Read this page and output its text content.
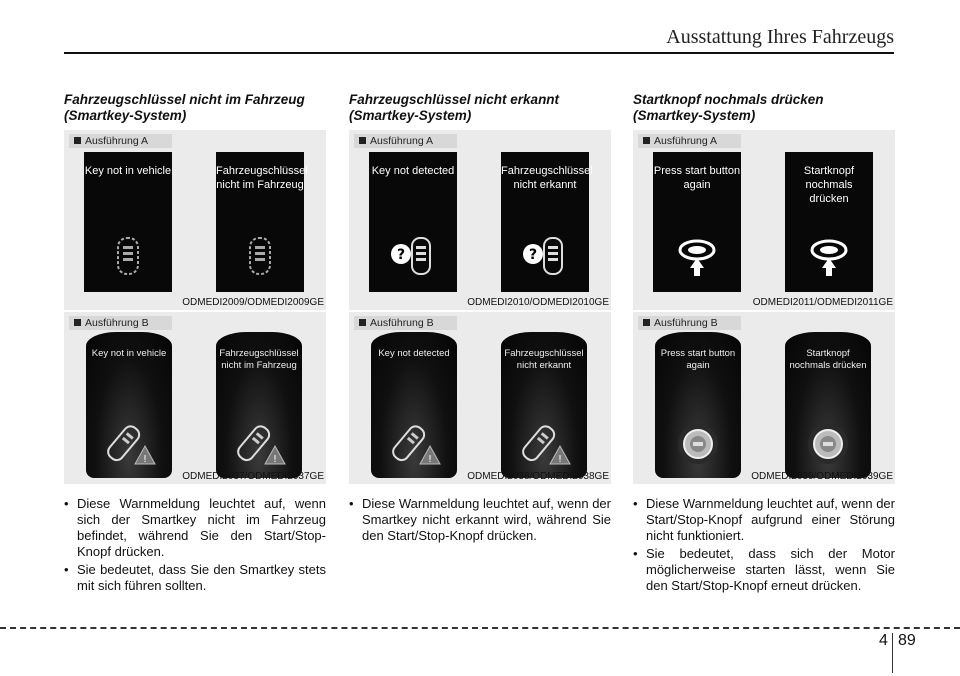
Ausstattung Ihres Fahrzeugs
Fahrzeugschlüssel nicht im Fahrzeug (Smartkey-System)
Ausführung A
Key not in vehicle	Fahrzeugschlüssel nicht im Fahrzeug
ODMEDI2009/ODMEDI2009GE
Ausführung B
Key not in vehicle
!
Fahrzeugschlüssel nicht im Fahrzeug
!
ODMEDI2037/ODMEDI2037GE
• Diese Warnmeldung leuchtet auf, wenn sich der Smartkey nicht im Fahrzeug befindet, während Sie den Start/Stop-Knopf drücken.
• Sie bedeutet, dass Sie den Smartkey stets mit sich führen sollten.
Fahrzeugschlüssel nicht erkannt (Smartkey-System)
Ausführung A
Key not detected
?
Fahrzeugschlüssel nicht erkannt
?
ODMEDI2010/ODMEDI2010GE
Ausführung B
Key not detected
!
Fahrzeugschlüssel nicht erkannt
!
ODMEDI2038/ODMEDI2038GE
• Diese Warnmeldung leuchtet auf, wenn der Smartkey nicht erkannt wird, während Sie den Start/Stop-Knopf drücken.
Startknopf nochmals drücken (Smartkey-System)
Ausführung A
Press start button again
Startknopf nochmals drücken
ODMEDI2011/ODMEDI2011GE
Ausführung B
Press start button again
Startknopf nochmals drücken
ODMEDI2039/ODMEDI2039GE
• Diese Warnmeldung leuchtet auf, wenn der Start/Stop-Knopf aufgrund einer Störung nicht funktioniert.
• Sie bedeutet, dass sich der Motor möglicherweise starten lässt, wenn Sie den Start/Stop-Knopf erneut drücken.
4 89
